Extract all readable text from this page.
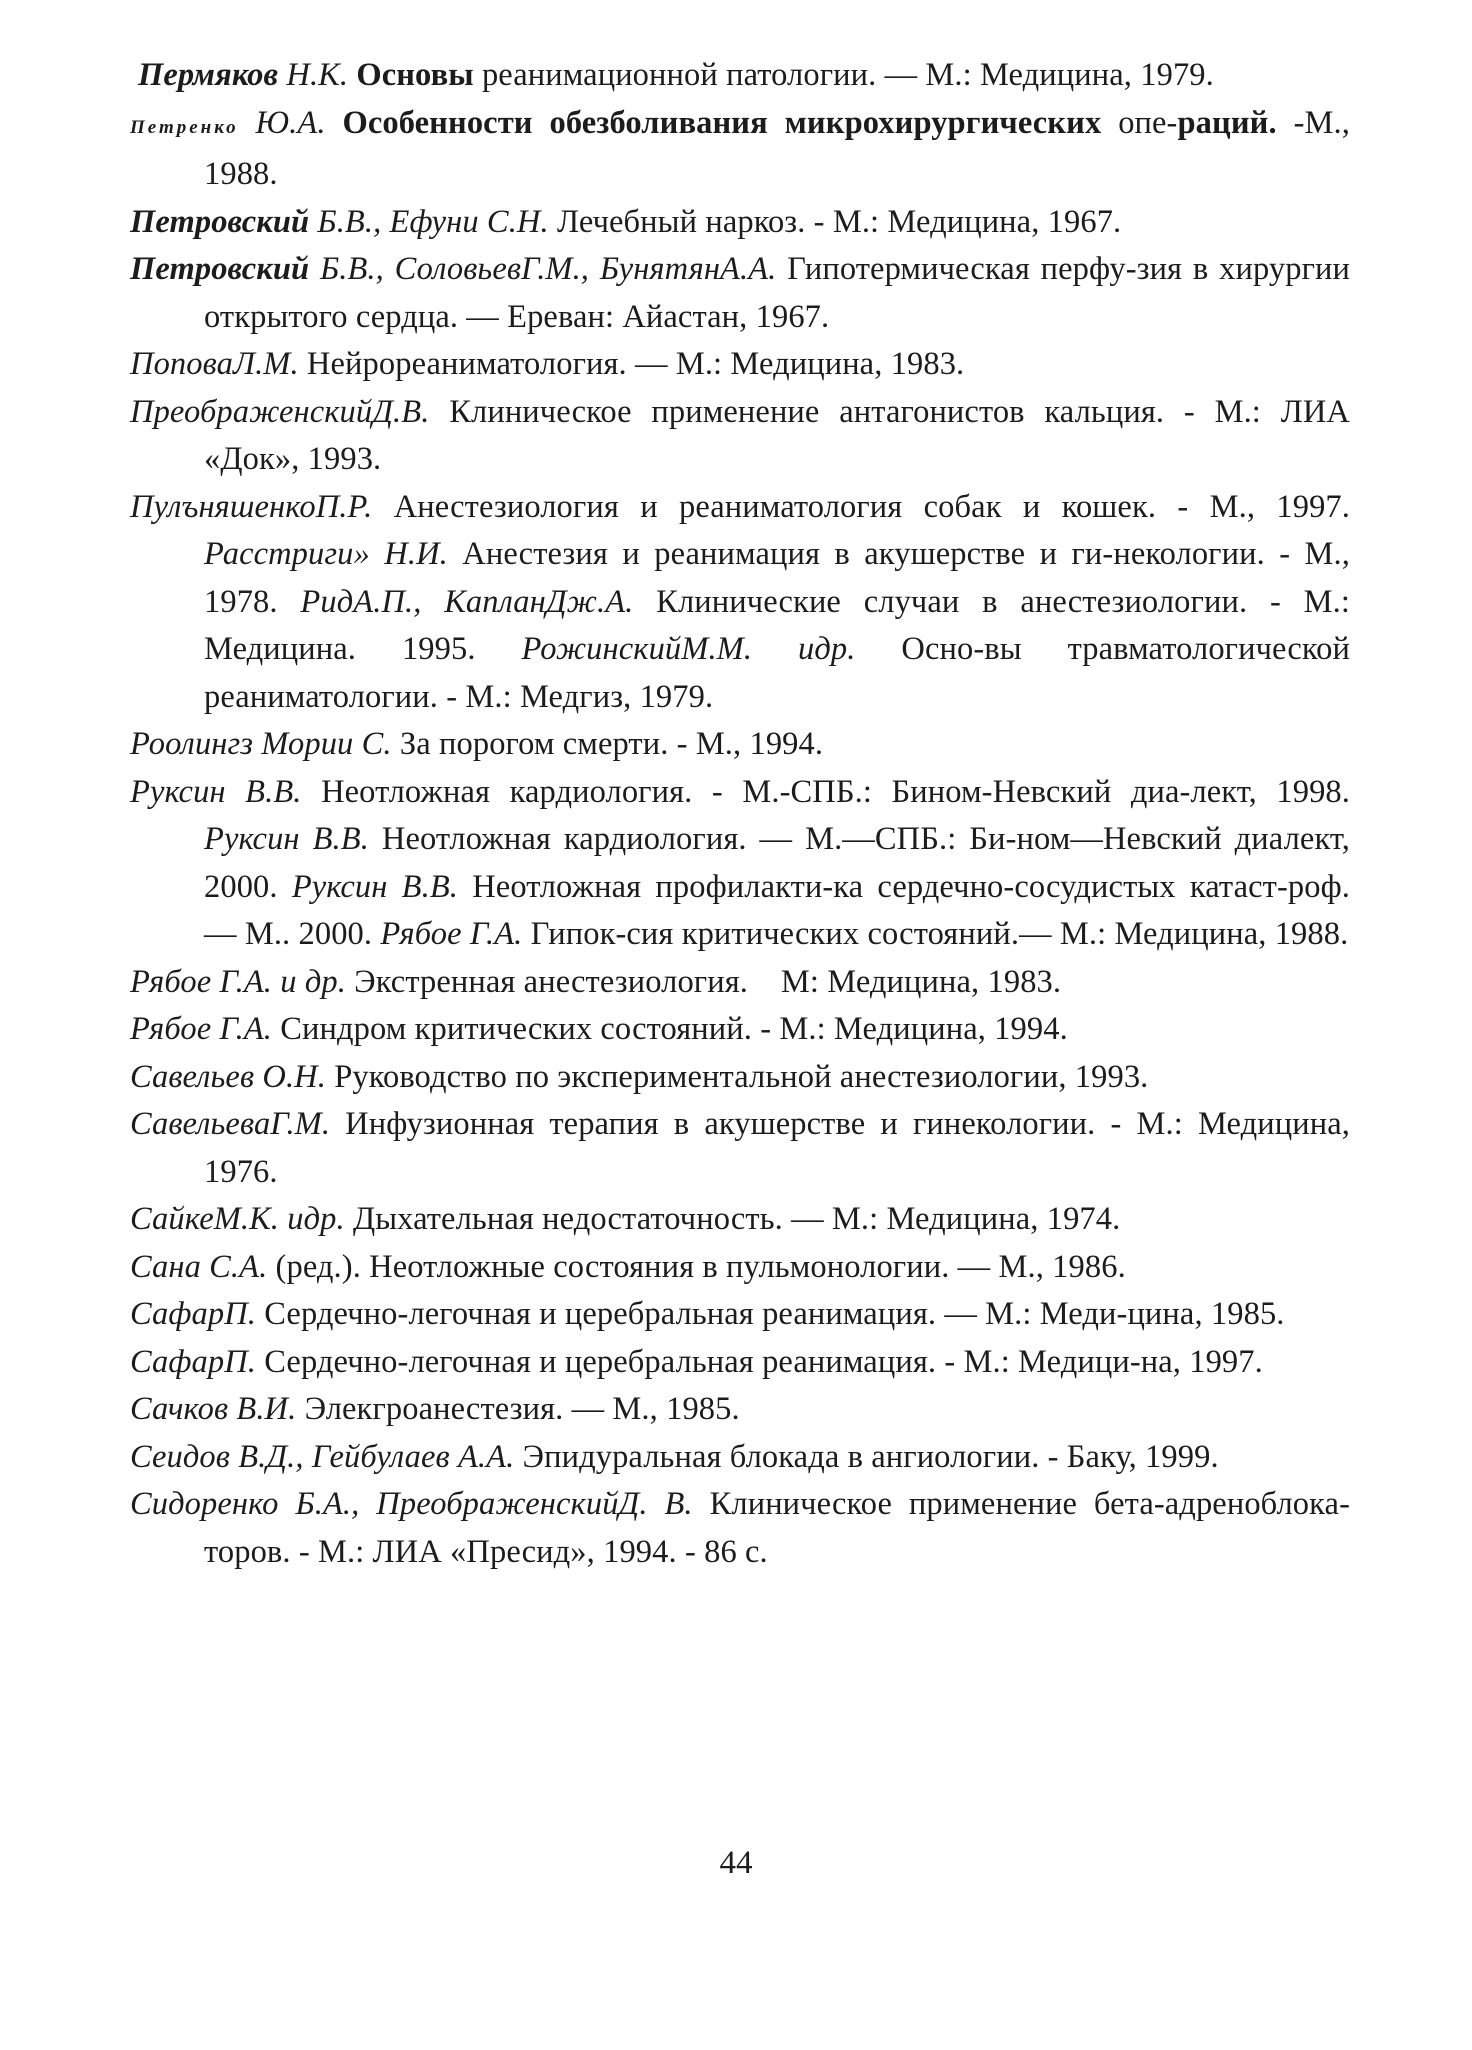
Пермяков Н.К. Основы реанимационной патологии. — М.: Медицина, 1979.

Петренко Ю.А. Особенности обезболивания микрохирургических опе-раций. -М., 1988.

Петровский Б.В., Ефуни С.Н. Лечебный наркоз. - М.: Медицина, 1967.

Петровский Б.В., СоловьевГ.М., БунятянА.А. Гипотермическая перфу-зия в хирургии открытого сердца. — Ереван: Айастан, 1967.

ПоповаЛ.М. Нейрореаниматология. — М.: Медицина, 1983.

ПреображенскийД.В. Клиническое применение антагонистов кальция. - М.: ЛИА «Док», 1993.

ПулъняшенкоП.Р. Анестезиология и реаниматология собак и кошек. - М., 1997. Расстриги» Н.И. Анестезия и реанимация в акушерстве и ги-некологии. - М., 1978. РидА.П., КапланДж.А. Клинические случаи в анестезиологии. - М.: Медицина. 1995. РожинскийМ.М. идр. Осно-вы травматологической реаниматологии. - М.: Медгиз, 1979.

Роолингз Мории С. За порогом смерти. - М., 1994.

Руксин В.В. Неотложная кардиология. - М.-СПБ.: Бином-Невский диа-лект, 1998. Руксин В.В. Неотложная кардиология. — М.—СПБ.: Би-ном—Невский диалект, 2000. Руксин В.В. Неотложная профилакти-ка сердечно-сосудистых катаст-роф. — М.. 2000. Рябое Г.А. Гипок-сия критических состояний.— М.: Медицина, 1988.

Рябое Г.А. и др. Экстренная анестезиология.    М: Медицина, 1983.

Рябое Г.А. Синдром критических состояний. - М.: Медицина, 1994.

Савельев О.Н. Руководство по экспериментальной анестезиологии, 1993.

СавельеваГ.М. Инфузионная терапия в акушерстве и гинекологии. - М.: Медицина, 1976.

СайкеМ.К. идр. Дыхательная недостаточность. — М.: Медицина, 1974.

Сана С.А. (ред.). Неотложные состояния в пульмонологии. — М., 1986.

СафарП. Сердечно-легочная и церебральная реанимация. — М.: Меди-цина, 1985.

СафарП. Сердечно-легочная и церебральная реанимация. - М.: Медици-на, 1997.

Сачков В.И. Элекгроанестезия. — М., 1985.

Сеидов В.Д., Гейбулаев А.А. Эпидуральная блокада в ангиологии. - Баку, 1999.

Сидоренко Б.А., ПреображенскийД. В. Клиническое применение бета-адреноблока-торов. - М.: ЛИА «Пресид», 1994. - 86 с.

44
